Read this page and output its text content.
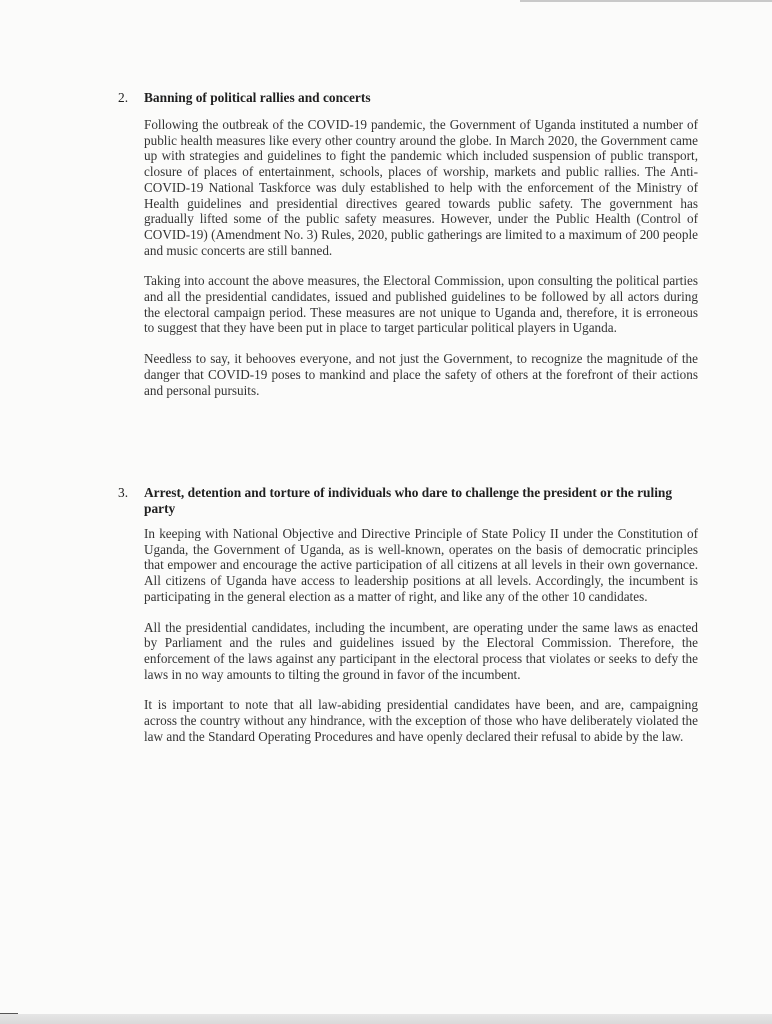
2.	Banning of political rallies and concerts

Following the outbreak of the COVID-19 pandemic, the Government of Uganda instituted a number of public health measures like every other country around the globe. In March 2020, the Government came up with strategies and guidelines to fight the pandemic which included suspension of public transport, closure of places of entertainment, schools, places of worship, markets and public rallies. The Anti-COVID-19 National Taskforce was duly established to help with the enforcement of the Ministry of Health guidelines and presidential directives geared towards public safety. The government has gradually lifted some of the public safety measures. However, under the Public Health (Control of COVID-19) (Amendment No. 3) Rules, 2020, public gatherings are limited to a maximum of 200 people and music concerts are still banned.

Taking into account the above measures, the Electoral Commission, upon consulting the political parties and all the presidential candidates, issued and published guidelines to be followed by all actors during the electoral campaign period. These measures are not unique to Uganda and, therefore, it is erroneous to suggest that they have been put in place to target particular political players in Uganda.

Needless to say, it behooves everyone, and not just the Government, to recognize the magnitude of the danger that COVID-19 poses to mankind and place the safety of others at the forefront of their actions and personal pursuits.

3.	Arrest, detention and torture of individuals who dare to challenge the president or the ruling party

In keeping with National Objective and Directive Principle of State Policy II under the Constitution of Uganda, the Government of Uganda, as is well-known, operates on the basis of democratic principles that empower and encourage the active participation of all citizens at all levels in their own governance. All citizens of Uganda have access to leadership positions at all levels. Accordingly, the incumbent is participating in the general election as a matter of right, and like any of the other 10 candidates.

All the presidential candidates, including the incumbent, are operating under the same laws as enacted by Parliament and the rules and guidelines issued by the Electoral Commission. Therefore, the enforcement of the laws against any participant in the electoral process that violates or seeks to defy the laws in no way amounts to tilting the ground in favor of the incumbent.

It is important to note that all law-abiding presidential candidates have been, and are, campaigning across the country without any hindrance, with the exception of those who have deliberately violated the law and the Standard Operating Procedures and have openly declared their refusal to abide by the law.
